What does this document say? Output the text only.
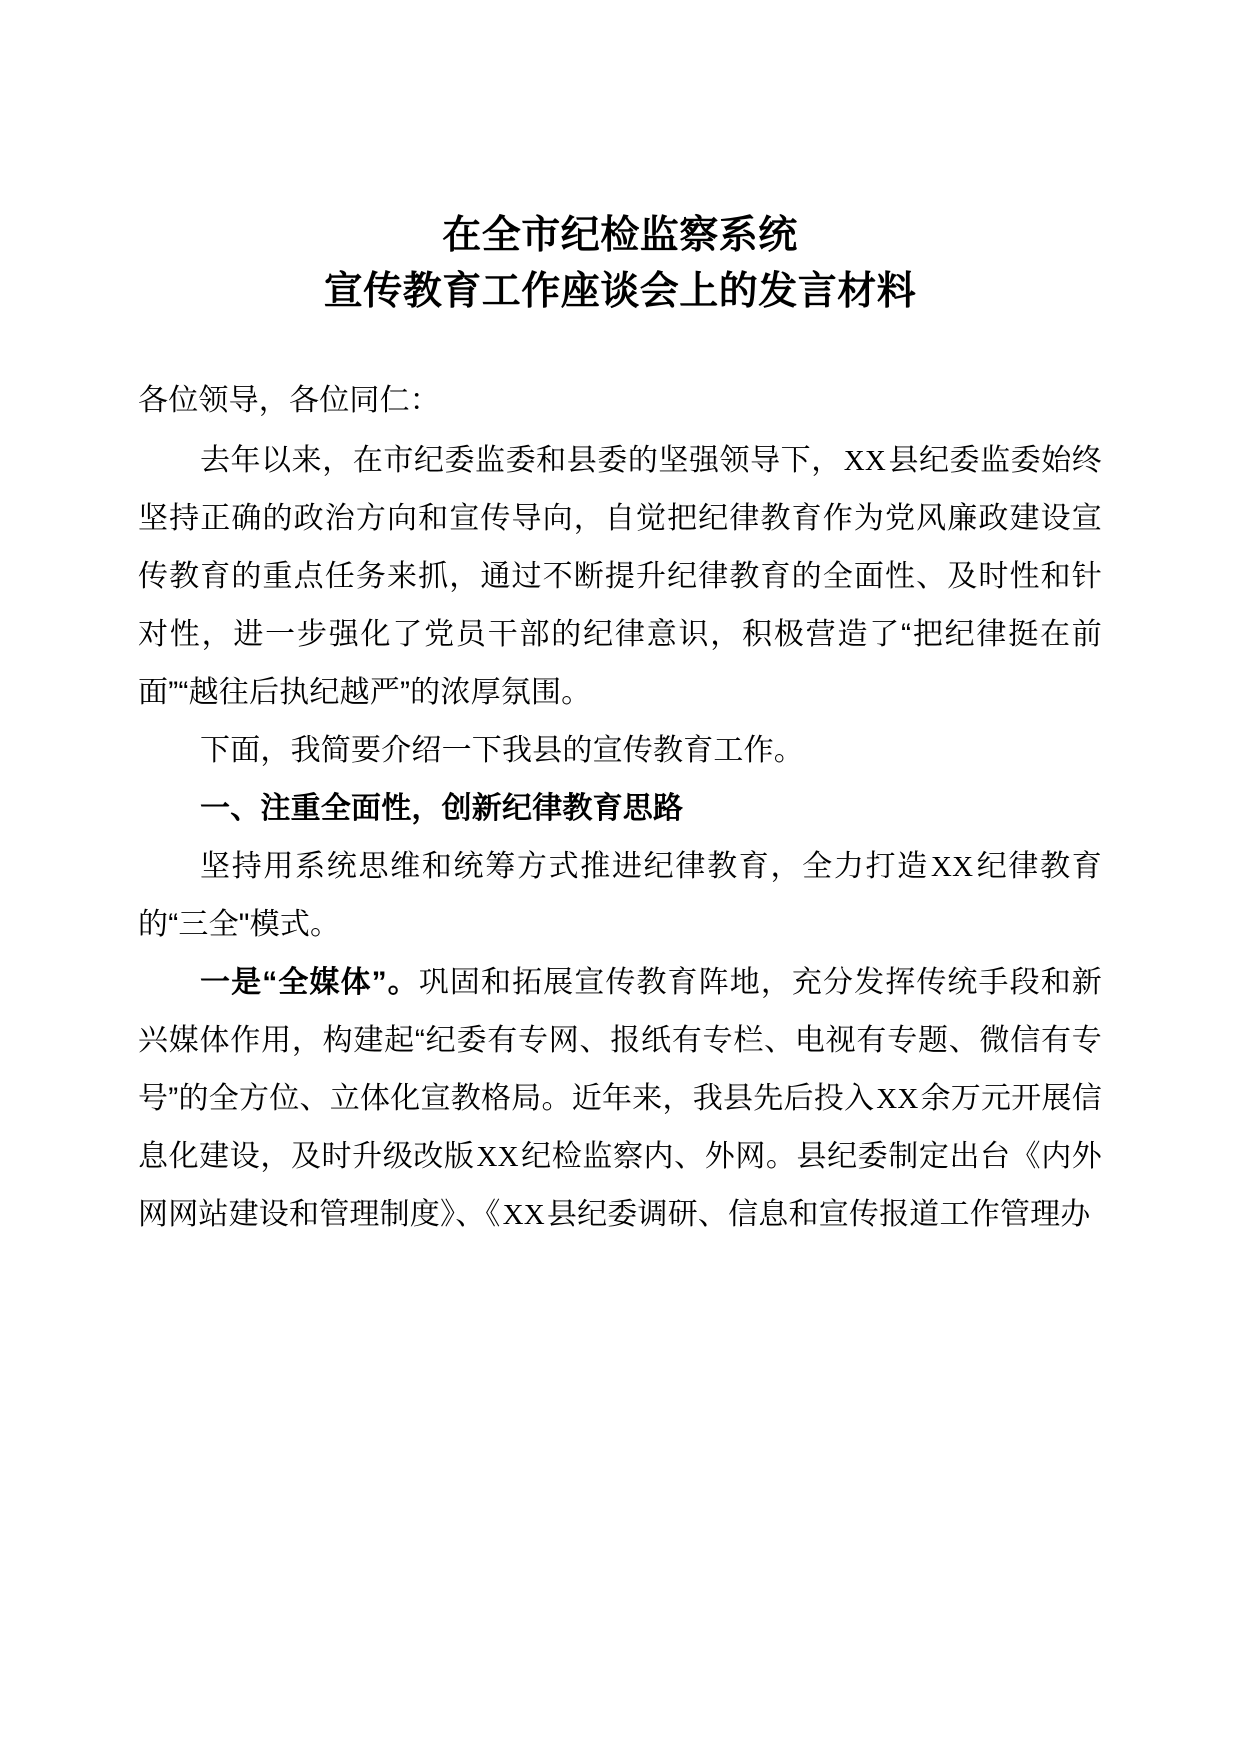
在全市纪检监察系统
宣传教育工作座谈会上的发言材料

各位领导，各位同仁：

去年以来，在市纪委监委和县委的坚强领导下，XX县纪委监委始终坚持正确的政治方向和宣传导向，自觉把纪律教育作为党风廉政建设宣传教育的重点任务来抓，通过不断提升纪律教育的全面性、及时性和针对性，进一步强化了党员干部的纪律意识，积极营造了“把纪律挺在前面”“越往后执纪越严”的浓厚氛围。

下面，我简要介绍一下我县的宣传教育工作。

一、注重全面性，创新纪律教育思路

坚持用系统思维和统筹方式推进纪律教育，全力打造XX纪律教育的“三全"模式。

一是“全媒体”。巩固和拓展宣传教育阵地，充分发挥传统手段和新兴媒体作用，构建起“纪委有专网、报纸有专栏、电视有专题、微信有专号”的全方位、立体化宣教格局。近年来，我县先后投入XX余万元开展信息化建设，及时升级改版XX纪检监察内、外网。县纪委制定出台《内外网网站建设和管理制度》、《XX县纪委调研、信息和宣传报道工作管理办
